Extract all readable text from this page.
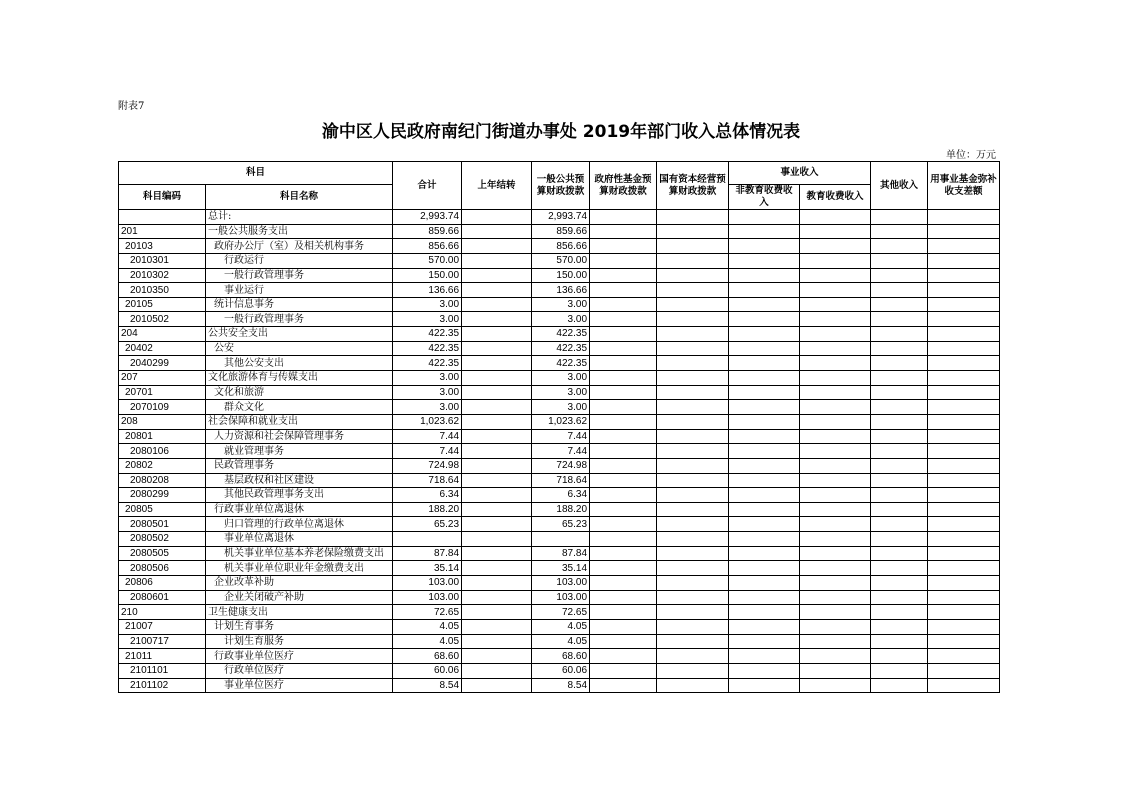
附表7
渝中区人民政府南纪门街道办事处 2019年部门收入总体情况表
单位：万元
科目		合计	上年结转	一般公共预算财政拨款	政府性基金预算财政拨款	国有资本经营预算财政拨款	事业收入		其他收入	用事业基金弥补收支差额
科目编码	科目名称						非教育收费收入	教育收费收入		
	总计:	2,993.74		2,993.74						
201	一般公共服务支出	859.66		859.66						
20103	政府办公厅（室）及相关机构事务	856.66		856.66						
2010301	行政运行	570.00		570.00						
2010302	一般行政管理事务	150.00		150.00						
2010350	事业运行	136.66		136.66						
20105	统计信息事务	3.00		3.00						
2010502	一般行政管理事务	3.00		3.00						
204	公共安全支出	422.35		422.35						
20402	公安	422.35		422.35						
2040299	其他公安支出	422.35		422.35						
207	文化旅游体育与传媒支出	3.00		3.00						
20701	文化和旅游	3.00		3.00						
2070109	群众文化	3.00		3.00						
208	社会保障和就业支出	1,023.62		1,023.62						
20801	人力资源和社会保障管理事务	7.44		7.44						
2080106	就业管理事务	7.44		7.44						
20802	民政管理事务	724.98		724.98						
2080208	基层政权和社区建设	718.64		718.64						
2080299	其他民政管理事务支出	6.34		6.34						
20805	行政事业单位离退休	188.20		188.20						
2080501	归口管理的行政单位离退休	65.23		65.23						
2080502	事业单位离退休									
2080505	机关事业单位基本养老保险缴费支出	87.84		87.84						
2080506	机关事业单位职业年金缴费支出	35.14		35.14						
20806	企业改革补助	103.00		103.00						
2080601	企业关闭破产补助	103.00		103.00						
210	卫生健康支出	72.65		72.65						
21007	计划生育事务	4.05		4.05						
2100717	计划生育服务	4.05		4.05						
21011	行政事业单位医疗	68.60		68.60						
2101101	行政单位医疗	60.06		60.06						
2101102	事业单位医疗	8.54		8.54						
